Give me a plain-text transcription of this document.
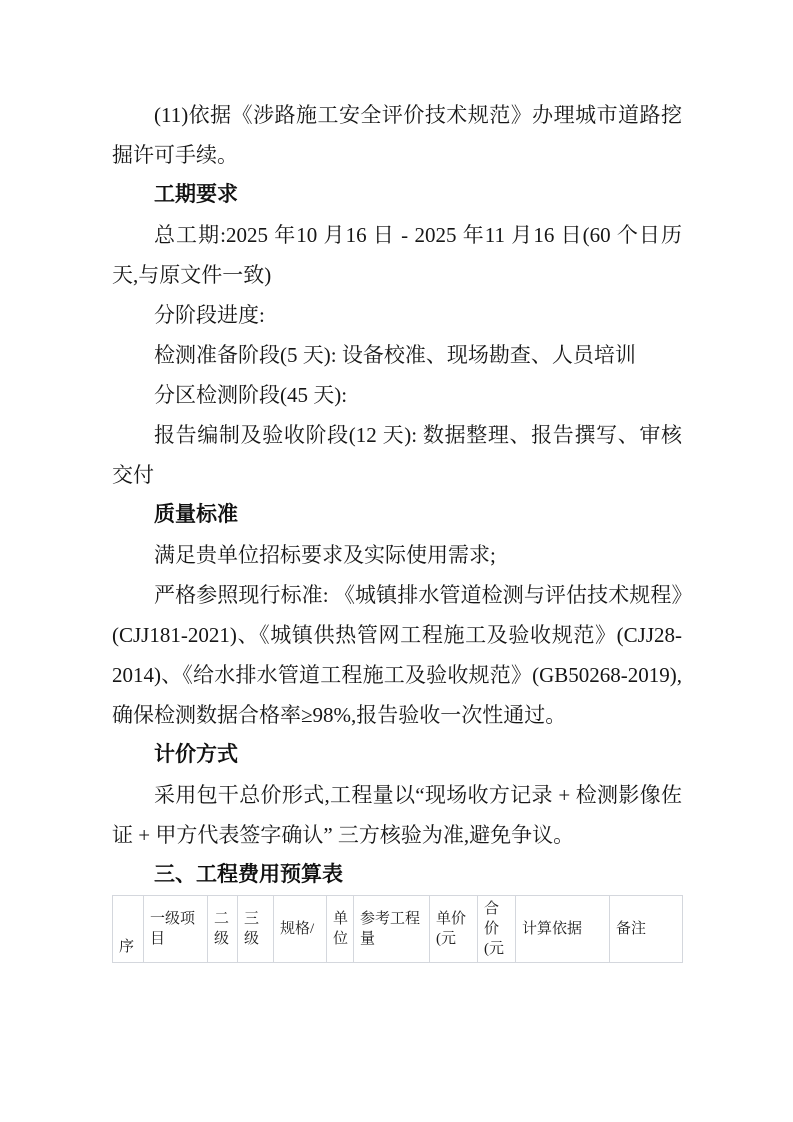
(11)依据《涉路施工安全评价技术规范》办理城市道路挖掘许可手续。

工期要求

总工期:2025 年10 月16 日 - 2025 年11 月16 日(60 个日历天,与原文件一致)

分阶段进度:

检测准备阶段(5 天): 设备校准、现场勘查、人员培训

分区检测阶段(45 天):

报告编制及验收阶段(12 天): 数据整理、报告撰写、审核交付

质量标准

满足贵单位招标要求及实际使用需求;

严格参照现行标准: 《城镇排水管道检测与评估技术规程》(CJJ181-2021)、《城镇供热管网工程施工及验收规范》(CJJ28-2014)、《给水排水管道工程施工及验收规范》(GB50268-2019),确保检测数据合格率≥98%,报告验收一次性通过。

计价方式

采用包干总价形式,工程量以“现场收方记录 + 检测影像佐证 + 甲方代表签字确认” 三方核验为准,避免争议。

三、工程费用预算表

序	一级项目	二级	三级	规格/	单位	参考工程量	单价(元	合价(元	计算依据	备注
